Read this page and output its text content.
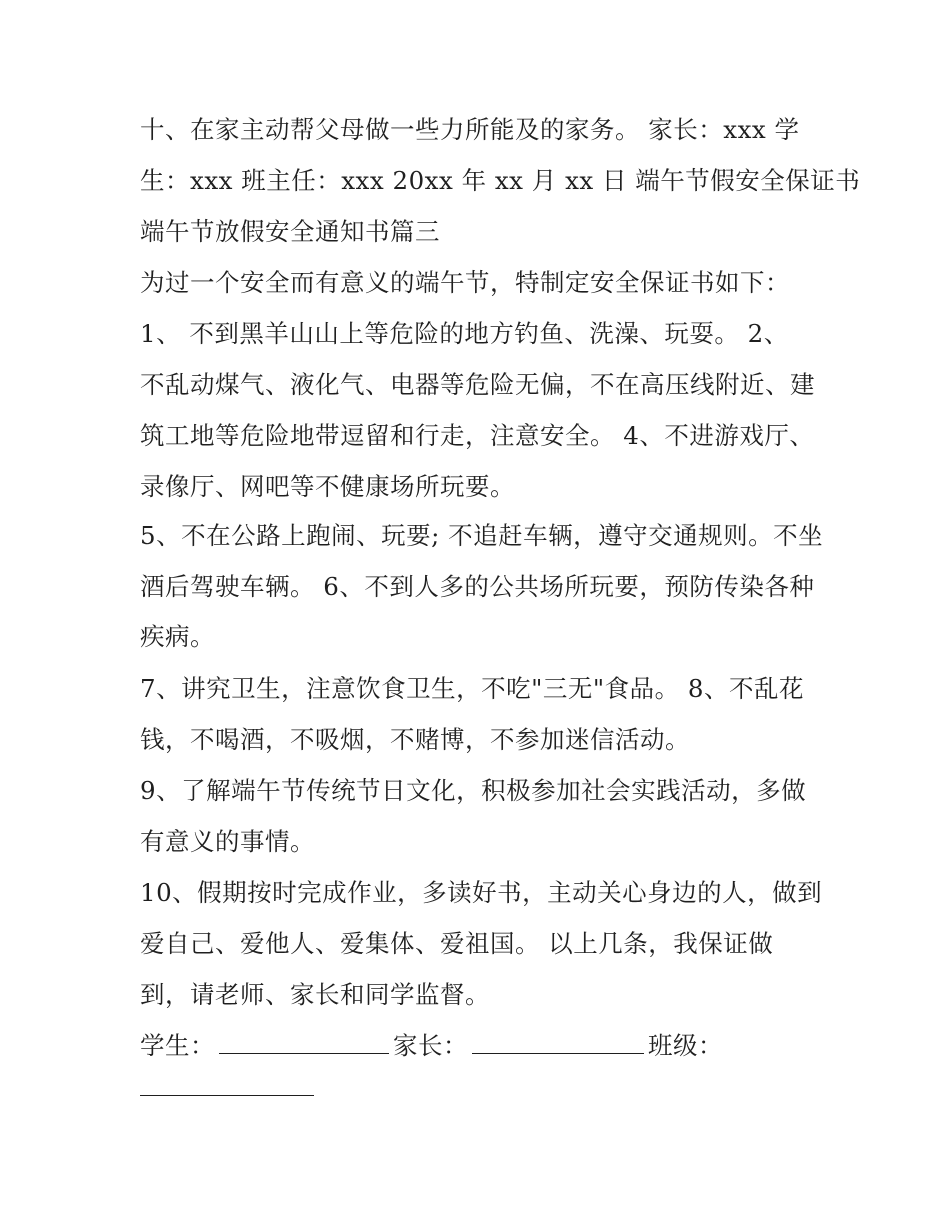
十、在家主动帮父母做一些力所能及的家务。 家长：xxx 学
生：xxx 班主任：xxx 20xx 年 xx 月 xx 日 端午节假安全保证书
端午节放假安全通知书篇三
为过一个安全而有意义的端午节，特制定安全保证书如下：
1、 不到黑羊山山上等危险的地方钓鱼、洗澡、玩耍。 2、
不乱动煤气、液化气、电器等危险无偏，不在高压线附近、建
筑工地等危险地带逗留和行走，注意安全。 4、不进游戏厅、
录像厅、网吧等不健康场所玩要。
5、不在公路上跑闹、玩要; 不追赶车辆，遵守交通规则。不坐
酒后驾驶车辆。 6、不到人多的公共场所玩要，预防传染各种
疾病。
7、讲究卫生，注意饮食卫生，不吃"三无"食品。 8、不乱花
钱，不喝酒，不吸烟，不赌博，不参加迷信活动。
9、了解端午节传统节日文化，积极参加社会实践活动，多做
有意义的事情。
10、假期按时完成作业，多读好书，主动关心身边的人，做到
爱自己、爱他人、爱集体、爱祖国。 以上几条，我保证做
到，请老师、家长和同学监督。
学生：	家长：	班级：
